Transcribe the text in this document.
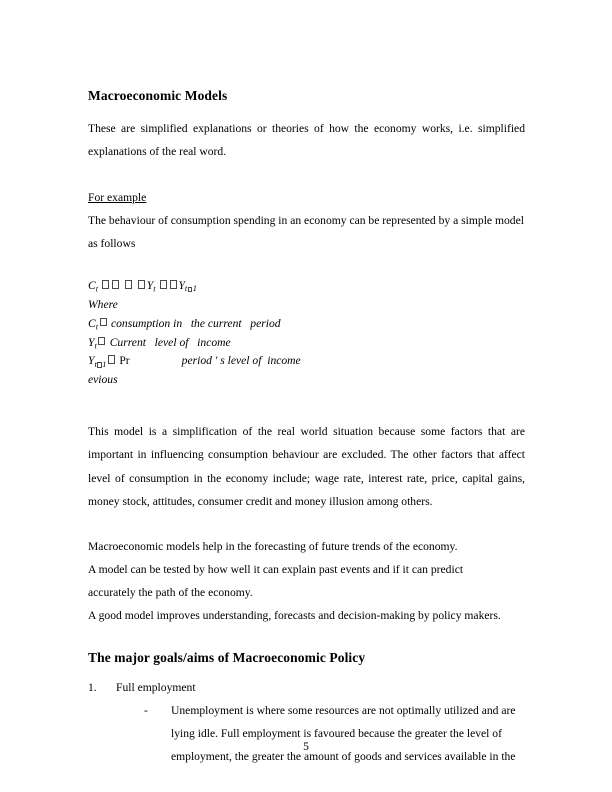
Macroeconomic Models

These are simplified explanations or theories of how the economy works, i.e. simplified explanations of the real word.

For example

The behaviour of consumption spending in an economy can be represented by a simple model as follows

$C_t$	$Y_t$ $Y_{t 1}$
Where
$C_t$ consumption in   the current   period
$Y_t$ Current   level of   income
$Y_{t 1}$ Pr	period ' s level of  income
evious

This model is a simplification of the real world situation because some factors that are important in influencing consumption behaviour are excluded. The other factors that affect level of consumption in the economy include; wage rate, interest rate, price, capital gains, money stock, attitudes, consumer credit and money illusion among others.

Macroeconomic models help in the forecasting of future trends of the economy.

A model can be tested by how well it can explain past events and if it can predict

accurately the path of the economy.

A good model improves understanding, forecasts and decision-making by policy makers.

The major goals/aims of Macroeconomic Policy
1. Full employment
- Unemployment is where some resources are not optimally utilized and are lying idle. Full employment is favoured because the greater the level of employment, the greater the amount of goods and services available in the
5
